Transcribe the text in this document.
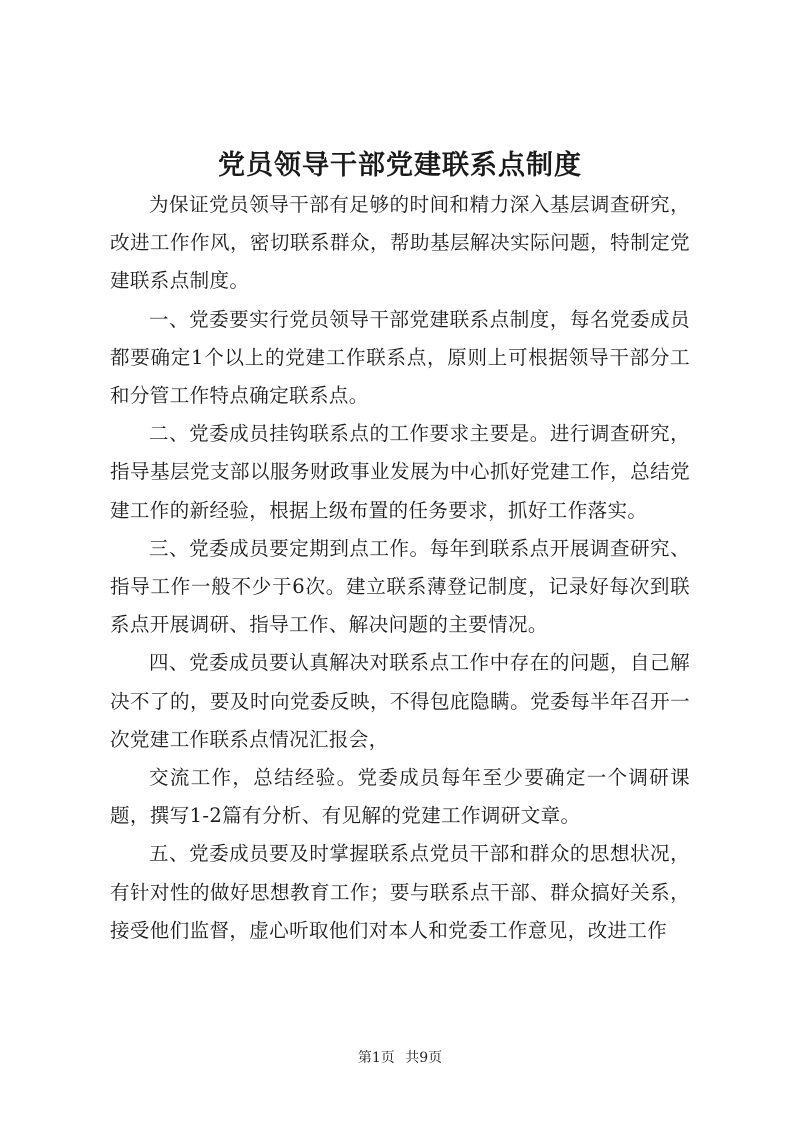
党员领导干部党建联系点制度

为保证党员领导干部有足够的时间和精力深入基层调查研究，改进工作作风，密切联系群众，帮助基层解决实际问题，特制定党建联系点制度。

一、党委要实行党员领导干部党建联系点制度，每名党委成员都要确定1个以上的党建工作联系点，原则上可根据领导干部分工和分管工作特点确定联系点。

二、党委成员挂钩联系点的工作要求主要是。进行调查研究，指导基层党支部以服务财政事业发展为中心抓好党建工作，总结党建工作的新经验，根据上级布置的任务要求，抓好工作落实。

三、党委成员要定期到点工作。每年到联系点开展调查研究、指导工作一般不少于6次。建立联系薄登记制度，记录好每次到联系点开展调研、指导工作、解决问题的主要情况。

四、党委成员要认真解决对联系点工作中存在的问题，自己解决不了的，要及时向党委反映，不得包庇隐瞒。党委每半年召开一次党建工作联系点情况汇报会，

交流工作，总结经验。党委成员每年至少要确定一个调研课题，撰写1-2篇有分析、有见解的党建工作调研文章。

五、党委成员要及时掌握联系点党员干部和群众的思想状况，有针对性的做好思想教育工作；要与联系点干部、群众搞好关系，接受他们监督，虚心听取他们对本人和党委工作意见，改进工作

第1页 共9页
